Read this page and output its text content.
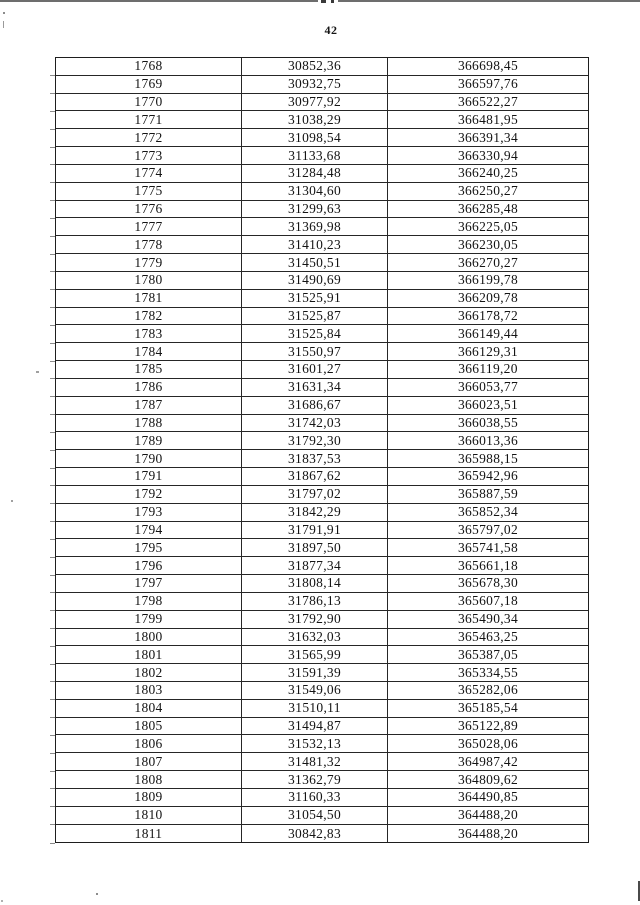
42
1768	30852,36	366698,45
1769	30932,75	366597,76
1770	30977,92	366522,27
1771	31038,29	366481,95
1772	31098,54	366391,34
1773	31133,68	366330,94
1774	31284,48	366240,25
1775	31304,60	366250,27
1776	31299,63	366285,48
1777	31369,98	366225,05
1778	31410,23	366230,05
1779	31450,51	366270,27
1780	31490,69	366199,78
1781	31525,91	366209,78
1782	31525,87	366178,72
1783	31525,84	366149,44
1784	31550,97	366129,31
1785	31601,27	366119,20
1786	31631,34	366053,77
1787	31686,67	366023,51
1788	31742,03	366038,55
1789	31792,30	366013,36
1790	31837,53	365988,15
1791	31867,62	365942,96
1792	31797,02	365887,59
1793	31842,29	365852,34
1794	31791,91	365797,02
1795	31897,50	365741,58
1796	31877,34	365661,18
1797	31808,14	365678,30
1798	31786,13	365607,18
1799	31792,90	365490,34
1800	31632,03	365463,25
1801	31565,99	365387,05
1802	31591,39	365334,55
1803	31549,06	365282,06
1804	31510,11	365185,54
1805	31494,87	365122,89
1806	31532,13	365028,06
1807	31481,32	364987,42
1808	31362,79	364809,62
1809	31160,33	364490,85
1810	31054,50	364488,20
1811	30842,83	364488,20
